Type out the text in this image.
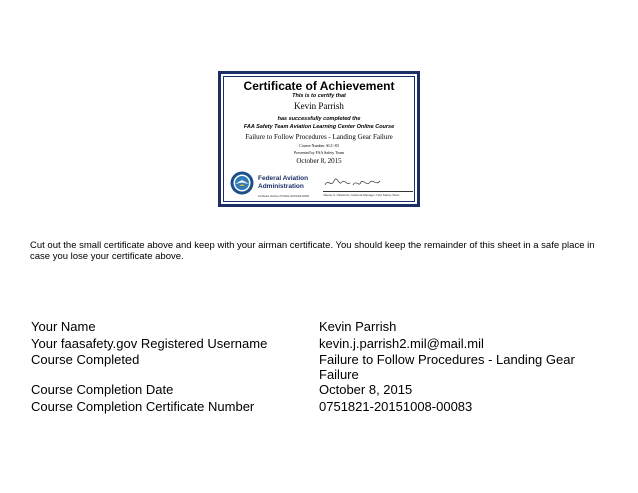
Certificate of Achievement
This is to certify that
Kevin Parrish
has successfully completed the
FAA Safety Team Aviation Learning Center Online Course
Failure to Follow Procedures - Landing Gear Failure
Course Number ALC-83
Presented by FAA Safety Team
October 8, 2015
Federal Aviation
Administration
Certificate Number 0751821-20151008-00083	Valerie S. Palazzolo, National Manager, FAA Safety Team
Cut out the small certificate above and keep with your airman certificate. You should keep the remainder of this sheet in a safe place in case you lose your certificate above.
Your Name	Kevin Parrish
Your faasafety.gov Registered Username	kevin.j.parrish2.mil@mail.mil
Course Completed	Failure to Follow Procedures - Landing Gear Failure
Course Completion Date	October 8, 2015
Course Completion Certificate Number	0751821-20151008-00083
